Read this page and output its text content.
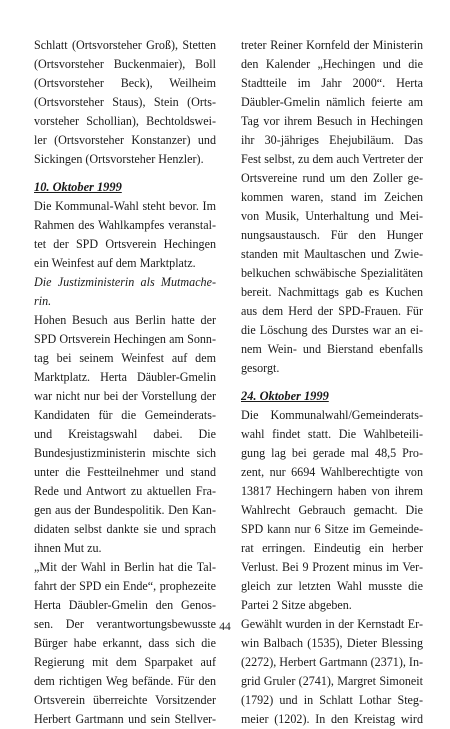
Schlatt (Ortsvorsteher Groß), Stetten
(Ortsvorsteher Buckenmaier), Boll
(Ortsvorsteher Beck), Weilheim
(Ortsvorsteher Staus), Stein (Orts-
vorsteher Schollian), Bechtoldswei-
ler (Ortsvorsteher Konstanzer) und
Sickingen (Ortsvorsteher Henzler).
10. Oktober 1999
Die Kommunal-Wahl steht bevor. Im
Rahmen des Wahlkampfes veranstal-
tet der SPD Ortsverein Hechingen
ein Weinfest auf dem Marktplatz.
Die Justizministerin als Mutmache-
rin.
Hohen Besuch aus Berlin hatte der
SPD Ortsverein Hechingen am Sonn-
tag bei seinem Weinfest auf dem
Marktplatz. Herta Däubler-Gmelin
war nicht nur bei der Vorstellung der
Kandidaten für die Gemeinderats-
und Kreistagswahl dabei. Die
Bundesjustizministerin mischte sich
unter die Festteilnehmer und stand
Rede und Antwort zu aktuellen Fra-
gen aus der Bundespolitik. Den Kan-
didaten selbst dankte sie und sprach
ihnen Mut zu.
„Mit der Wahl in Berlin hat die Tal-
fahrt der SPD ein Ende“, prophezeite
Herta Däubler-Gmelin den Genos-
sen. Der verantwortungsbewusste
Bürger habe erkannt, dass sich die
Regierung mit dem Sparpaket auf
dem richtigen Weg befände. Für den
Ortsverein überreichte Vorsitzender
Herbert Gartmann und sein Stellver-
treter Reiner Kornfeld der Ministerin
den Kalender „Hechingen und die
Stadtteile im Jahr 2000“. Herta
Däubler-Gmelin nämlich feierte am
Tag vor ihrem Besuch in Hechingen
ihr 30-jähriges Ehejubiläum. Das
Fest selbst, zu dem auch Vertreter der
Ortsvereine rund um den Zoller ge-
kommen waren, stand im Zeichen
von Musik, Unterhaltung und Mei-
nungsaustausch. Für den Hunger
standen mit Maultaschen und Zwie-
belkuchen schwäbische Spezialitäten
bereit. Nachmittags gab es Kuchen
aus dem Herd der SPD-Frauen. Für
die Löschung des Durstes war an ei-
nem Wein- und Bierstand ebenfalls
gesorgt.
24. Oktober 1999
Die Kommunalwahl/Gemeinderats-
wahl findet statt. Die Wahlbeteili-
gung lag bei gerade mal 48,5 Pro-
zent, nur 6694 Wahlberechtigte von
13817 Hechingern haben von ihrem
Wahlrecht Gebrauch gemacht. Die
SPD kann nur 6 Sitze im Gemeinde-
rat erringen. Eindeutig ein herber
Verlust. Bei 9 Prozent minus im Ver-
gleich zur letzten Wahl musste die
Partei 2 Sitze abgeben.
Gewählt wurden in der Kernstadt Er-
win Balbach (1535), Dieter Blessing
(2272), Herbert Gartmann (2371), In-
grid Gruler (2741), Margret Simoneit
(1792) und in Schlatt Lothar Steg-
meier (1202). In den Kreistag wird
44
